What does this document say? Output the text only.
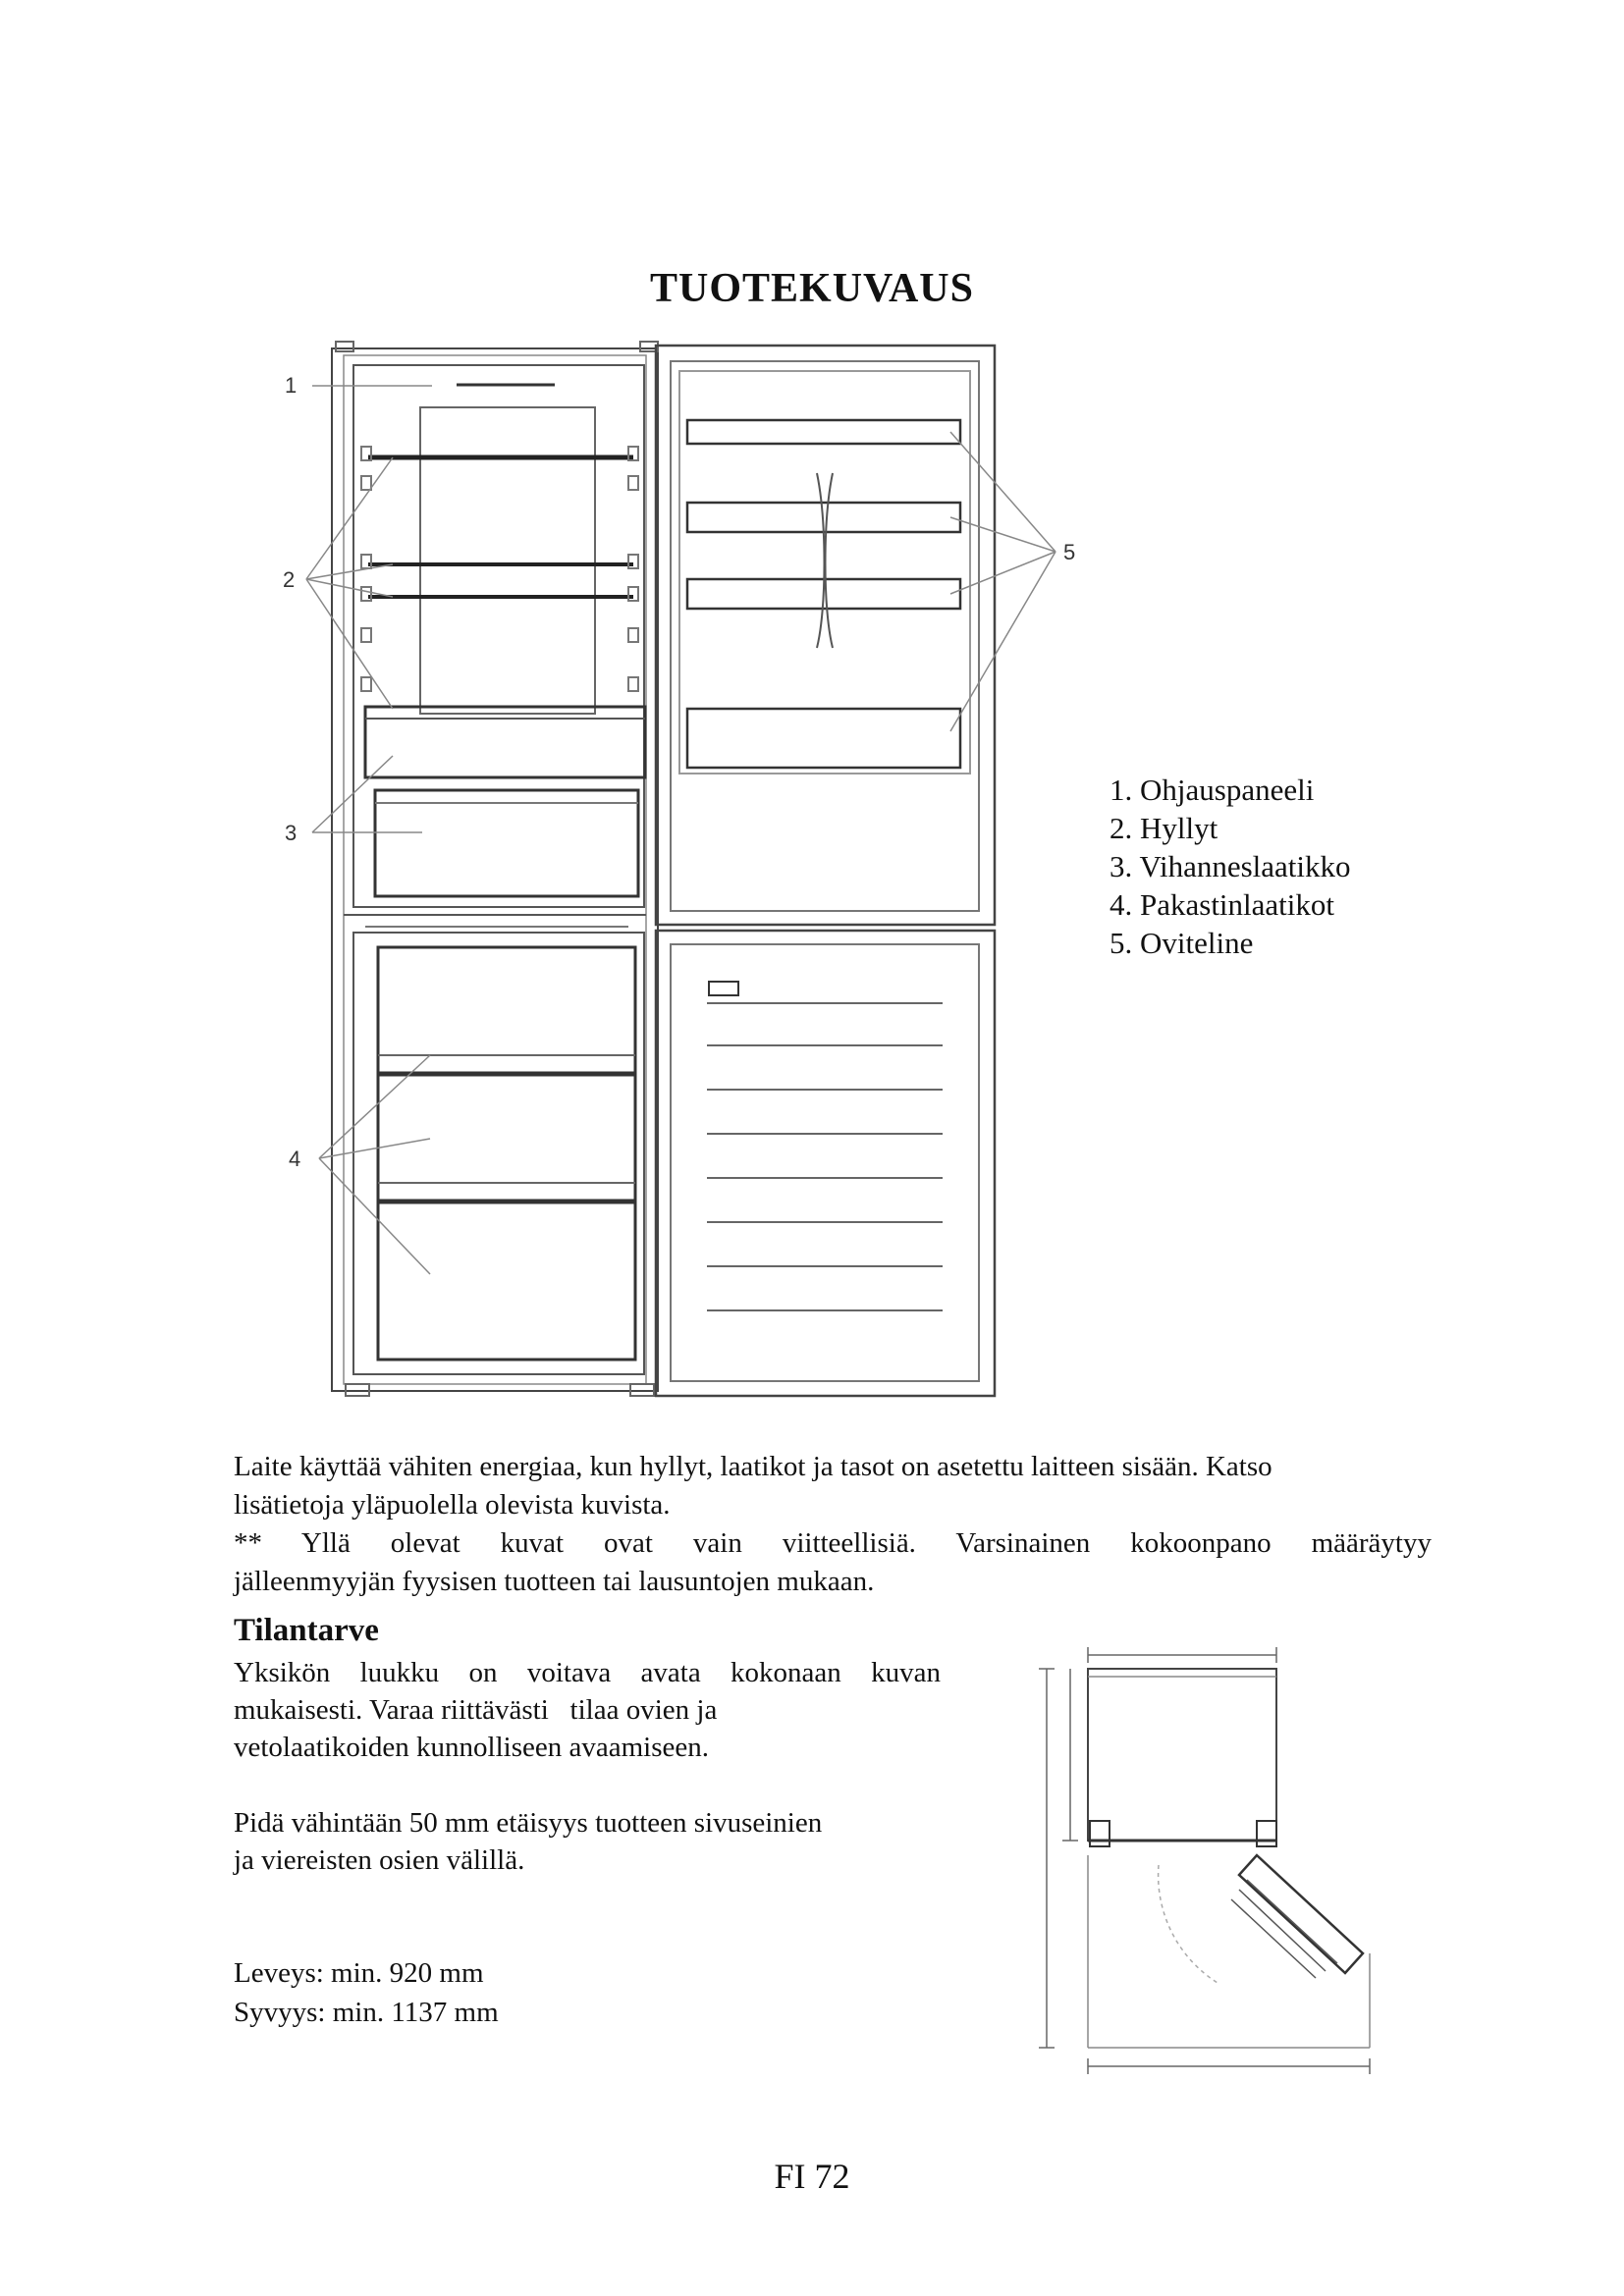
TUOTEKUVAUS
1
2
3
4
5
1. Ohjauspaneeli
2. Hyllyt
3. Vihanneslaatikko
4. Pakastinlaatikot
5. Oviteline
Laite käyttää vähiten energiaa, kun hyllyt, laatikot ja tasot on asetettu laitteen sisään. Katso
lisätietoja yläpuolella olevista kuvista.
** Yllä olevat kuvat ovat vain viitteellisiä. Varsinainen kokoonpano määräytyy
jälleenmyyjän fyysisen tuotteen tai lausuntojen mukaan.
Tilantarve
Yksikön luukku on voitava avata kokonaan kuvan
mukaisesti. Varaa riittävästi   tilaa ovien ja
vetolaatikoiden kunnolliseen avaamiseen.
Pidä vähintään 50 mm etäisyys tuotteen sivuseinien
ja viereisten osien välillä.
Leveys: min. 920 mm
Syvyys: min. 1137 mm
FI 72
